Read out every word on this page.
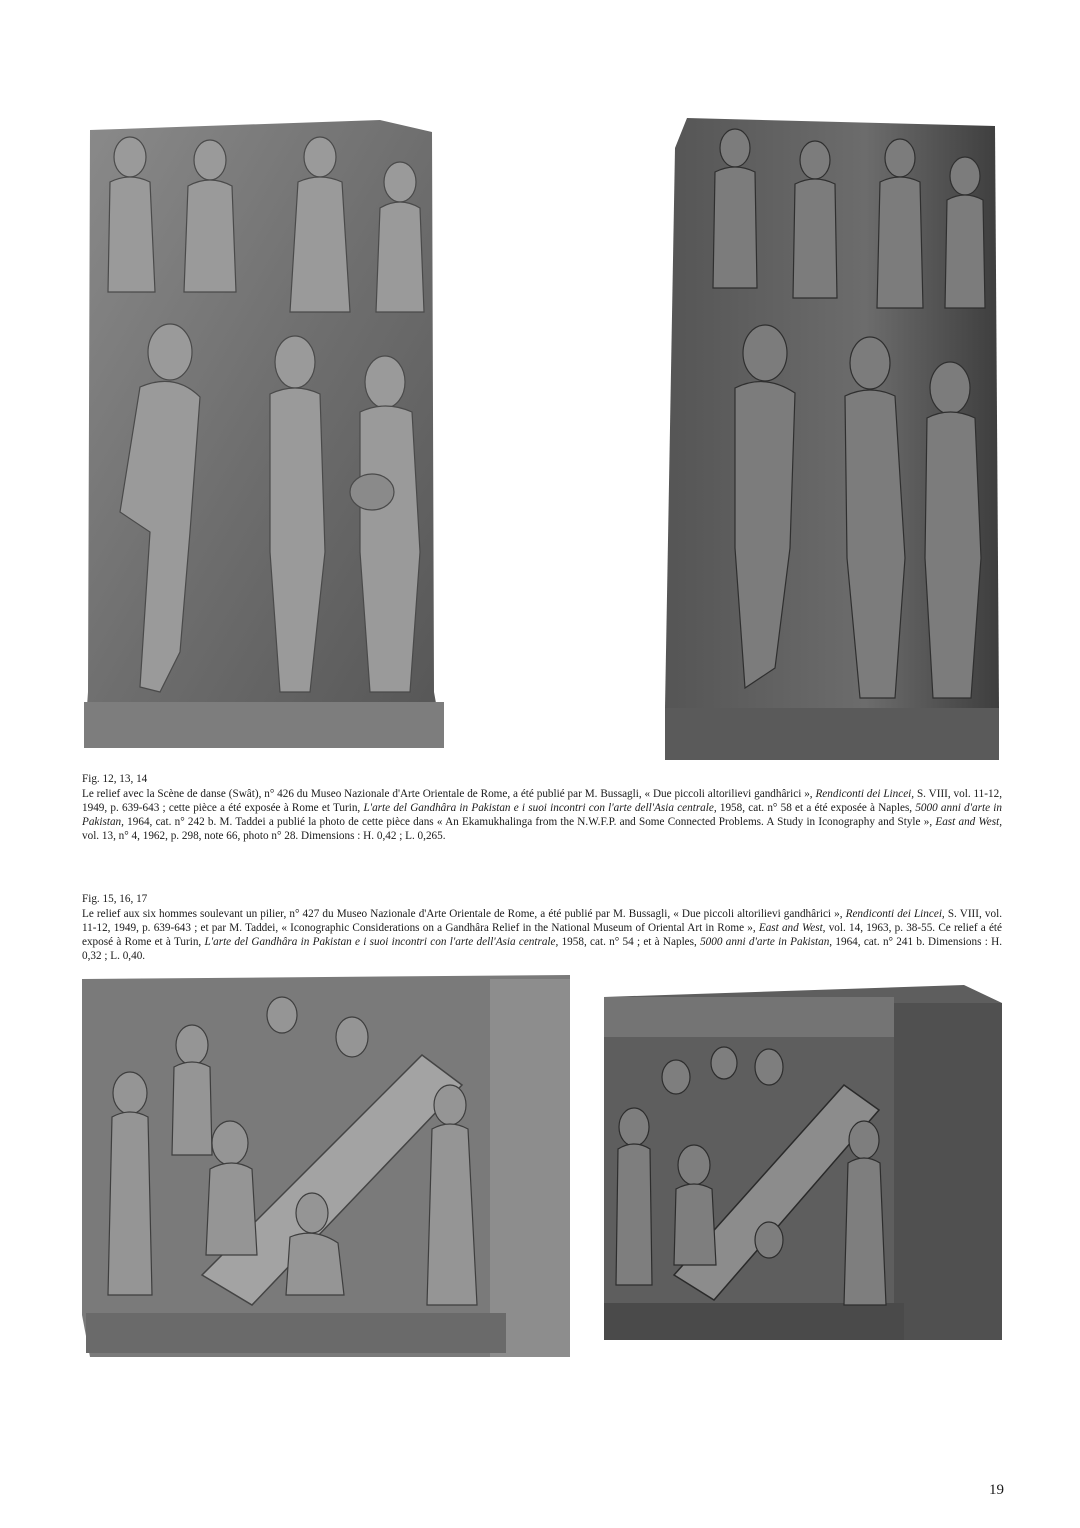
Fig. 12, 13, 14
Le relief avec la Scène de danse (Swât), n° 426 du Museo Nazionale d'Arte Orientale de Rome, a été publié par M. Bussagli, « Due piccoli altorilievi gandhârici », Rendiconti dei Lincei, S. VIII, vol. 11-12, 1949, p. 639-643 ; cette pièce a été exposée à Rome et Turin, L'arte del Gandhâra in Pakistan e i suoi incontri con l'arte dell'Asia centrale, 1958, cat. n° 58 et a été exposée à Naples, 5000 anni d'arte in Pakistan, 1964, cat. n° 242 b. M. Taddei a publié la photo de cette pièce dans « An Ekamukhalinga from the N.W.F.P. and Some Connected Problems. A Study in Iconography and Style », East and West, vol. 13, n° 4, 1962, p. 298, note 66, photo n° 28. Dimensions : H. 0,42 ; L. 0,265.
Fig. 15, 16, 17
Le relief aux six hommes soulevant un pilier, n° 427 du Museo Nazionale d'Arte Orientale de Rome, a été publié par M. Bussagli, « Due piccoli altorilievi gandhârici », Rendiconti dei Lincei, S. VIII, vol. 11-12, 1949, p. 639-643 ; et par M. Taddei, « Iconographic Considerations on a Gandhâra Relief in the National Museum of Oriental Art in Rome », East and West, vol. 14, 1963, p. 38-55. Ce relief a été exposé à Rome et à Turin, L'arte del Gandhâra in Pakistan e i suoi incontri con l'arte dell'Asia centrale, 1958, cat. n° 54 ; et à Naples, 5000 anni d'arte in Pakistan, 1964, cat. n° 241 b. Dimensions : H. 0,32 ; L. 0,40.
19
